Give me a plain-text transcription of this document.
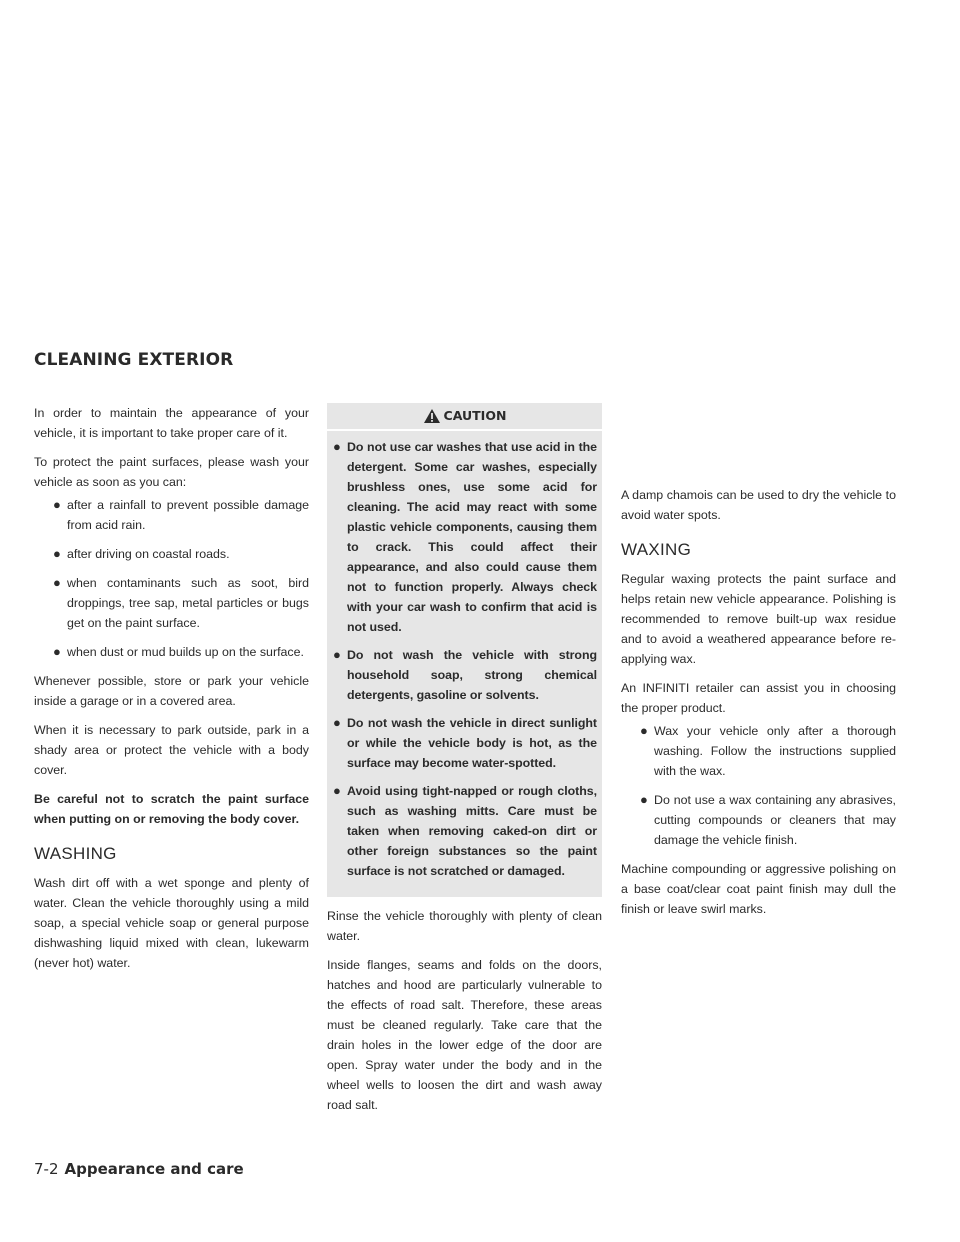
CLEANING EXTERIOR

In order to maintain the appearance of your vehicle, it is important to take proper care of it.

To protect the paint surfaces, please wash your vehicle as soon as you can:

● after a rainfall to prevent possible damage from acid rain.
● after driving on coastal roads.
● when contaminants such as soot, bird droppings, tree sap, metal particles or bugs get on the paint surface.
● when dust or mud builds up on the surface.

Whenever possible, store or park your vehicle inside a garage or in a covered area.

When it is necessary to park outside, park in a shady area or protect the vehicle with a body cover.

Be careful not to scratch the paint surface when putting on or removing the body cover.

WASHING

Wash dirt off with a wet sponge and plenty of water. Clean the vehicle thoroughly using a mild soap, a special vehicle soap or general purpose dishwashing liquid mixed with clean, lukewarm (never hot) water.

CAUTION
● Do not use car washes that use acid in the detergent. Some car washes, especially brushless ones, use some acid for cleaning. The acid may react with some plastic vehicle components, causing them to crack. This could affect their appearance, and also could cause them not to function properly. Always check with your car wash to confirm that acid is not used.
● Do not wash the vehicle with strong household soap, strong chemical detergents, gasoline or solvents.
● Do not wash the vehicle in direct sunlight or while the vehicle body is hot, as the surface may become water-spotted.
● Avoid using tight-napped or rough cloths, such as washing mitts. Care must be taken when removing caked-on dirt or other foreign substances so the paint surface is not scratched or damaged.

Rinse the vehicle thoroughly with plenty of clean water.

Inside flanges, seams and folds on the doors, hatches and hood are particularly vulnerable to the effects of road salt. Therefore, these areas must be cleaned regularly. Take care that the drain holes in the lower edge of the door are open. Spray water under the body and in the wheel wells to loosen the dirt and wash away road salt.

A damp chamois can be used to dry the vehicle to avoid water spots.

WAXING

Regular waxing protects the paint surface and helps retain new vehicle appearance. Polishing is recommended to remove built-up wax residue and to avoid a weathered appearance before re-applying wax.

An INFINITI retailer can assist you in choosing the proper product.

● Wax your vehicle only after a thorough washing. Follow the instructions supplied with the wax.
● Do not use a wax containing any abrasives, cutting compounds or cleaners that may damage the vehicle finish.

Machine compounding or aggressive polishing on a base coat/clear coat paint finish may dull the finish or leave swirl marks.

7-2 Appearance and care
